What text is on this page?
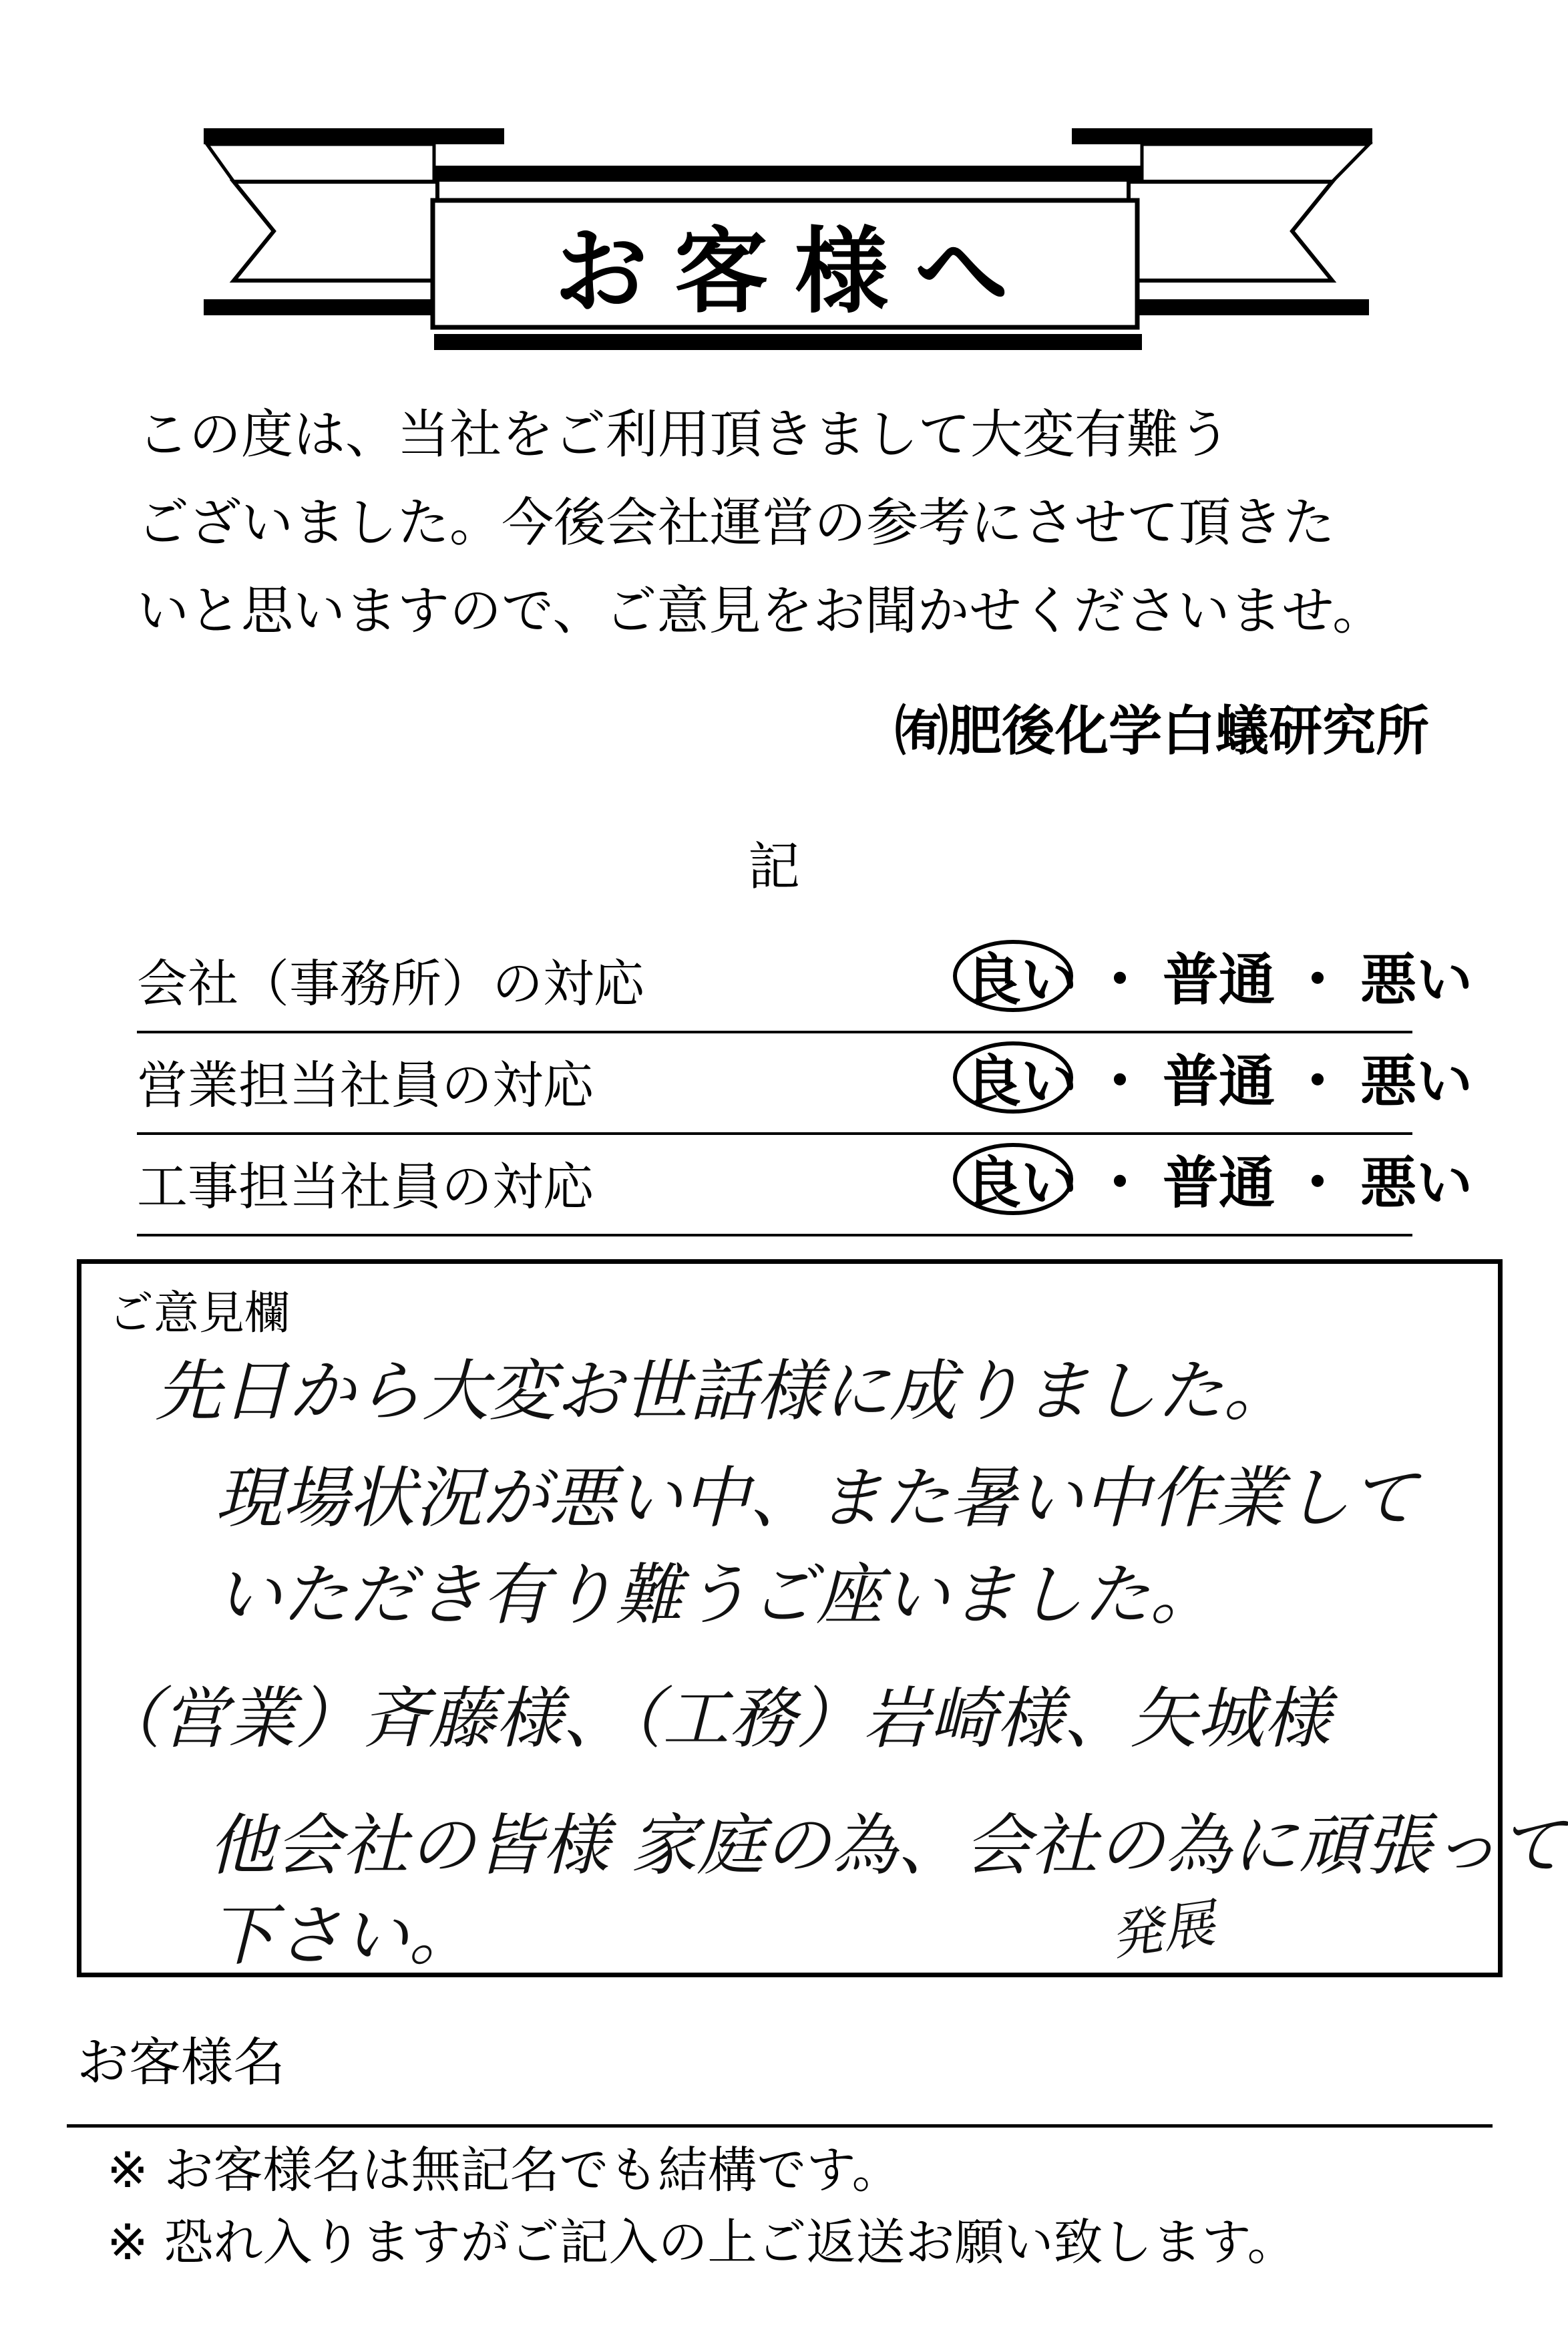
お客様へ
この度は、当社をご利用頂きまして大変有難う
ございました。今後会社運営の参考にさせて頂きた
いと思いますので、ご意見をお聞かせくださいませ。
㈲肥後化学白蟻研究所
記
会社（事務所）の対応	良い ・ 普通 ・ 悪い
営業担当社員の対応	良い ・ 普通 ・ 悪い
工事担当社員の対応	良い ・ 普通 ・ 悪い
ご意見欄
先日から大変お世話様に成りました。
現場状況が悪い中、また暑い中作業して
いただき有り難うご座いました。
（営業）斉藤様、（工務）岩崎様、矢城様
他会社の皆様 家庭の為、会社の為に頑張って
下さい。	発展
お客様名
※ お客様名は無記名でも結構です。
※ 恐れ入りますがご記入の上ご返送お願い致します。
